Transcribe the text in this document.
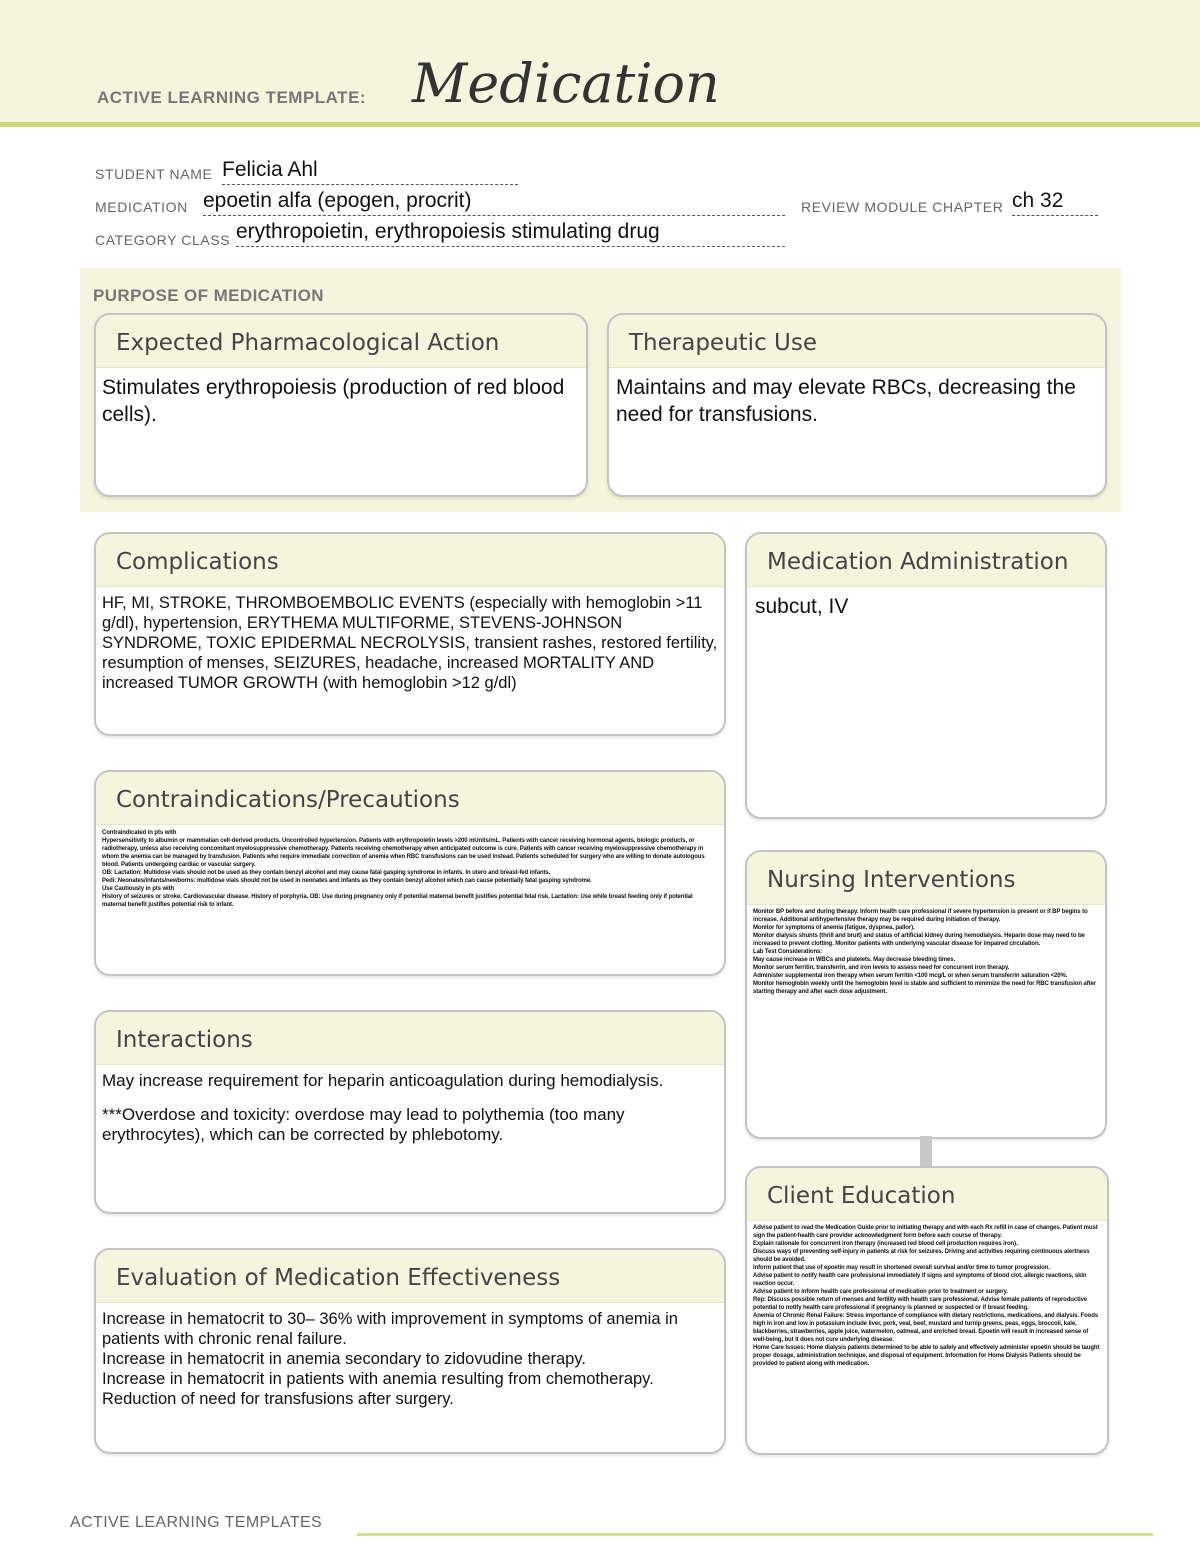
ACTIVE LEARNING TEMPLATE: Medication
STUDENT NAME Felicia Ahl
MEDICATION epoetin alfa (epogen, procrit)	REVIEW MODULE CHAPTER ch 32
CATEGORY CLASS erythropoietin, erythropoiesis stimulating drug
PURPOSE OF MEDICATION
Expected Pharmacological Action
Stimulates erythropoiesis (production of red blood cells).
Therapeutic Use
Maintains and may elevate RBCs, decreasing the need for transfusions.
Complications
HF, MI, STROKE, THROMBOEMBOLIC EVENTS (especially with hemoglobin >11 g/dl), hypertension, ERYTHEMA MULTIFORME, STEVENS-JOHNSON SYNDROME, TOXIC EPIDERMAL NECROLYSIS, transient rashes, restored fertility, resumption of menses, SEIZURES, headache, increased MORTALITY AND increased TUMOR GROWTH (with hemoglobin >12 g/dl)
Medication Administration
subcut, IV
Contraindications/Precautions

Contraindicated in pts with

Hypersensitivity to albumin or mammalian cell-derived products. Uncontrolled hypertension. Patients with erythropoietin levels >200 mUnits/mL. Patients with cancer receiving hormonal agents, biologic products, or radiotherapy, unless also receiving concomitant myelosuppressive chemotherapy. Patients receiving chemotherapy when anticipated outcome is cure. Patients with cancer receiving myelosuppressive chemotherapy in whom the anemia can be managed by transfusion. Patients who require immediate correction of anemia when RBC transfusions can be used instead. Patients scheduled for surgery who are willing to donate autologous blood. Patients undergoing cardiac or vascular surgery.

OB: Lactation: Multidose vials should not be used as they contain benzyl alcohol and may cause fatal gasping syndrome in infants. In utero and breast-fed infants.

Pedi: Neonates/infants/newborns: multidose vials should not be used in neonates and infants as they contain benzyl alcohol which can cause potentially fatal gasping syndrome.

Use Cautiously in pts with

History of seizures or stroke. Cardiovascular disease. History of porphyria. OB: Use during pregnancy only if potential maternal benefit justifies potential fetal risk. Lactation: Use while breast feeding only if potential maternal benefit justifies potential risk to infant.

Nursing Interventions

Monitor BP before and during therapy. Inform health care professional if severe hypertension is present or if BP begins to increase. Additional antihypertensive therapy may be required during initiation of therapy.

Monitor for symptoms of anemia (fatigue, dyspnea, pallor).

Monitor dialysis shunts (thrill and bruit) and status of artificial kidney during hemodialysis. Heparin dose may need to be increased to prevent clotting. Monitor patients with underlying vascular disease for impaired circulation.

Lab Test Considerations:

May cause increase in WBCs and platelets. May decrease bleeding times.

Monitor serum ferritin, transferrin, and iron levels to assess need for concurrent iron therapy.

Administer supplemental iron therapy when serum ferritin <100 mcg/L or when serum transferrin saturation <20%.

Monitor hemoglobin weekly until the hemoglobin level is stable and sufficient to minimize the need for RBC transfusion after starting therapy and after each dose adjustment.

Interactions

May increase requirement for heparin anticoagulation during hemodialysis.

***Overdose and toxicity: overdose may lead to polythemia (too many erythrocytes), which can be corrected by phlebotomy.

Client Education

Advise patient to read the Medication Guide prior to initiating therapy and with each Rx refill in case of changes. Patient must sign the patient-health care provider acknowledgment form before each course of therapy.

Explain rationale for concurrent iron therapy (increased red blood cell production requires iron).

Discuss ways of preventing self-injury in patients at risk for seizures. Driving and activities requiring continuous alertness should be avoided.

Inform patient that use of epoetin may result in shortened overall survival and/or time to tumor progression.

Advise patient to notify health care professional immediately if signs and symptoms of blood clot, allergic reactions, skin reaction occur.

Advise patient to inform health care professional of medication prior to treatment or surgery.

Rep: Discuss possible return of menses and fertility with health care professional. Advise female patients of reproductive potential to notify health care professional if pregnancy is planned or suspected or if breast feeding.

Anemia of Chronic Renal Failure: Stress importance of compliance with dietary restrictions, medications, and dialysis. Foods high in iron and low in potassium include liver, pork, veal, beef, mustard and turnip greens, peas, eggs, broccoli, kale, blackberries, strawberries, apple juice, watermelon, oatmeal, and enriched bread. Epoetin will result in increased sense of well-being, but it does not cure underlying disease.

Home Care Issues: Home dialysis patients determined to be able to safely and effectively administer epoetin should be taught proper dosage, administration technique, and disposal of equipment. Information for Home Dialysis Patients should be provided to patient along with medication.

Evaluation of Medication Effectiveness

Increase in hematocrit to 30– 36% with improvement in symptoms of anemia in patients with chronic renal failure.

Increase in hematocrit in anemia secondary to zidovudine therapy.

Increase in hematocrit in patients with anemia resulting from chemotherapy.

Reduction of need for transfusions after surgery.

ACTIVE LEARNING TEMPLATES
